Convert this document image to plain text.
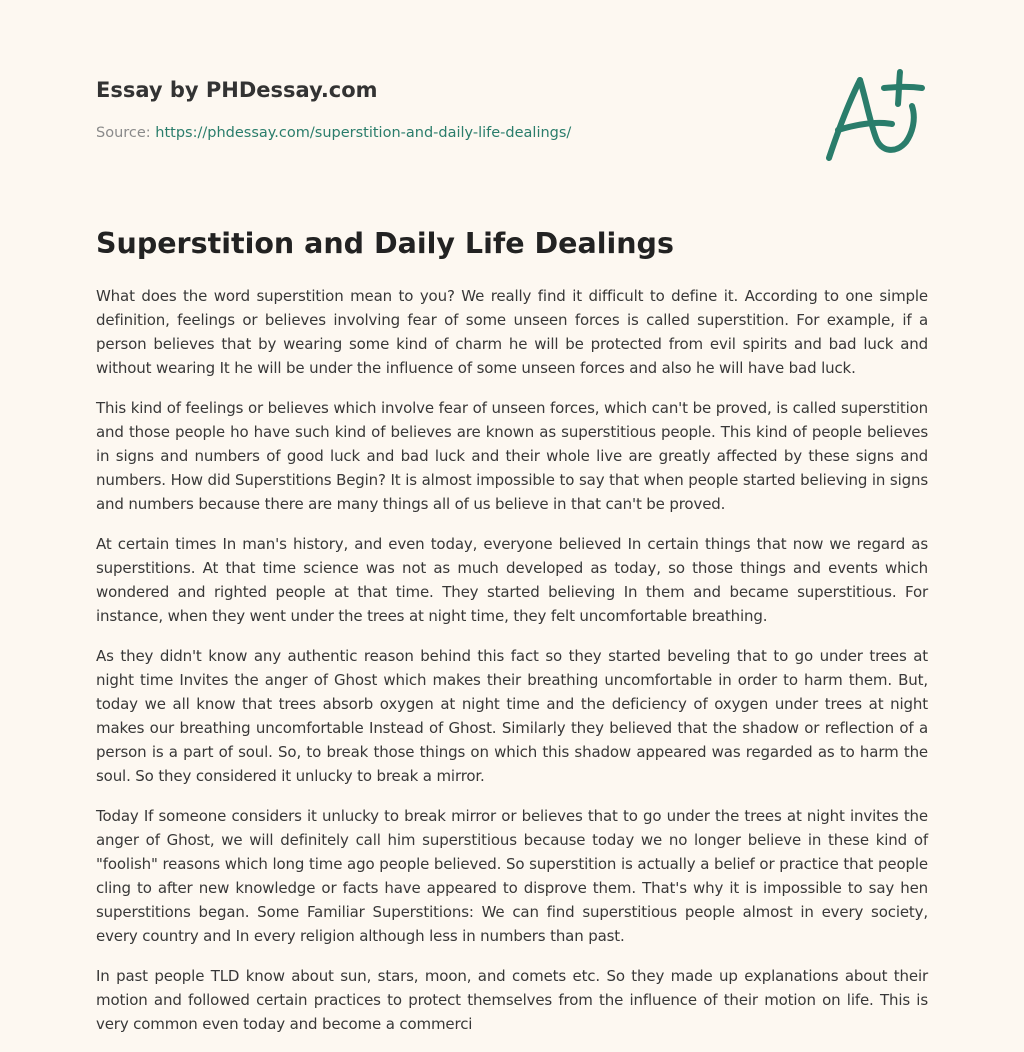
Essay by PHDessay.com
Source: https://phdessay.com/superstition-and-daily-life-dealings/
Superstition and Daily Life Dealings

What does the word superstition mean to you? We really find it difficult to define it. According to one simple definition, feelings or believes involving fear of some unseen forces is called superstition. For example, if a person believes that by wearing some kind of charm he will be protected from evil spirits and bad luck and without wearing It he will be under the influence of some unseen forces and also he will have bad luck.

This kind of feelings or believes which involve fear of unseen forces, which can't be proved, is called superstition and those people ho have such kind of believes are known as superstitious people. This kind of people believes in signs and numbers of good luck and bad luck and their whole live are greatly affected by these signs and numbers. How did Superstitions Begin? It is almost impossible to say that when people started believing in signs and numbers because there are many things all of us believe in that can't be proved.

At certain times In man's history, and even today, everyone believed In certain things that now we regard as superstitions. At that time science was not as much developed as today, so those things and events which wondered and righted people at that time. They started believing In them and became superstitious. For instance, when they went under the trees at night time, they felt uncomfortable breathing.

As they didn't know any authentic reason behind this fact so they started beveling that to go under trees at night time Invites the anger of Ghost which makes their breathing uncomfortable in order to harm them. But, today we all know that trees absorb oxygen at night time and the deficiency of oxygen under trees at night makes our breathing uncomfortable Instead of Ghost. Similarly they believed that the shadow or reflection of a person is a part of soul. So, to break those things on which this shadow appeared was regarded as to harm the soul. So they considered it unlucky to break a mirror.

Today If someone considers it unlucky to break mirror or believes that to go under the trees at night invites the anger of Ghost, we will definitely call him superstitious because today we no longer believe in these kind of "foolish" reasons which long time ago people believed. So superstition is actually a belief or practice that people cling to after new knowledge or facts have appeared to disprove them. That's why it is impossible to say hen superstitions began. Some Familiar Superstitions: We can find superstitious people almost in every society, every country and In every religion although less in numbers than past.

In past people TLD know about sun, stars, moon, and comets etc. So they made up explanations about their motion and followed certain practices to protect themselves from the influence of their motion on life. This is very common even today and become a commerci
